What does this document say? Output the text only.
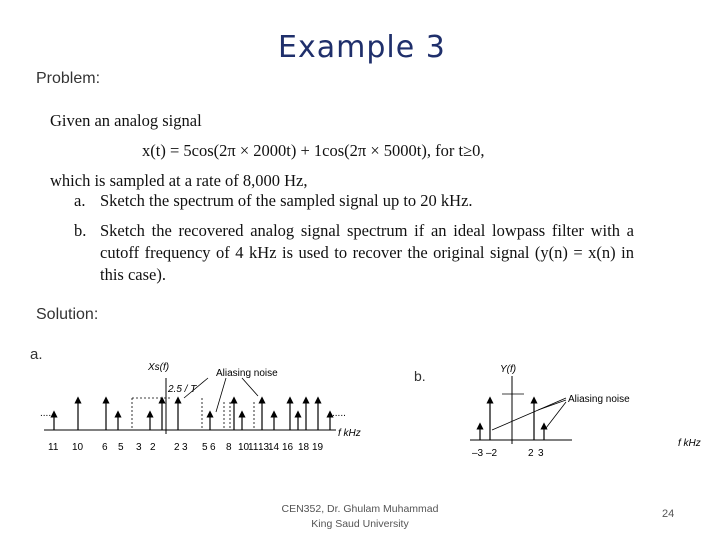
Example 3
Problem:
Given an analog signal
x(t) = 5cos(2π × 2000t) + 1cos(2π × 5000t), for t≥0,
which is sampled at a rate of 8,000 Hz,
a. Sketch the spectrum of the sampled signal up to 20 kHz.
b. Sketch the recovered analog signal spectrum if an ideal lowpass filter with a cutoff frequency of 4 kHz is used to recover the original signal (y(n) = x(n) in this case).
Solution:
a.
b.
Xs(f)
Aliasing noise
2.5 / T
.....	.....
f kHz
11 10 6 5 3 2 2 3 5 6 8 10
11 13
14 16 18 19
Y(f)
Aliasing noise
f kHz
–3 –2	2 3
CEN352, Dr. Ghulam Muhammad
King Saud University
24
